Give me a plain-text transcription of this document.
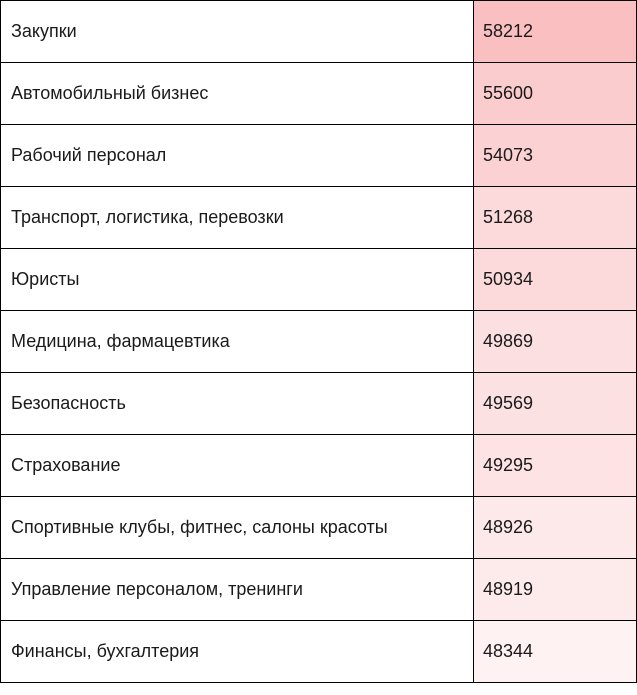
Закупки	58212
Автомобильный бизнес	55600
Рабочий персонал	54073
Транспорт, логистика, перевозки	51268
Юристы	50934
Медицина, фармацевтика	49869
Безопасность	49569
Страхование	49295
Спортивные клубы, фитнес, салоны красоты	48926
Управление персоналом, тренинги	48919
Финансы, бухгалтерия	48344
